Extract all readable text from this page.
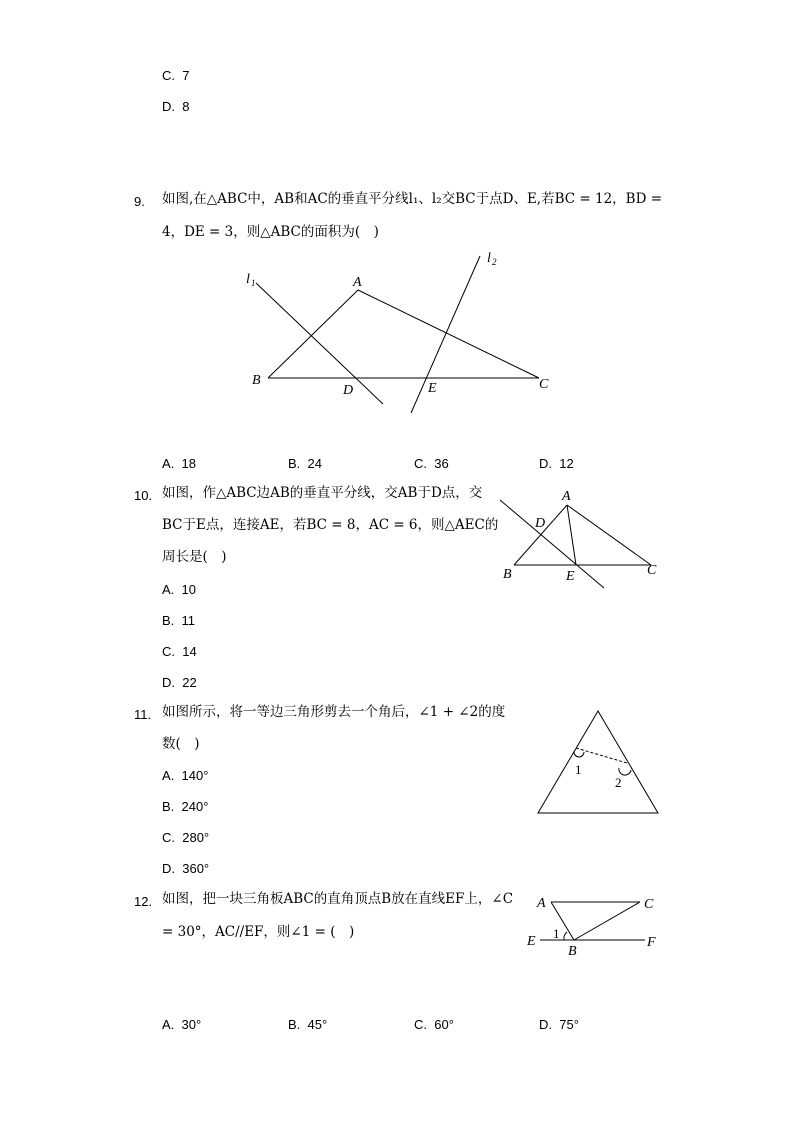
C. 7
D. 8
9. 如图,在△ABC中，AB和AC的垂直平分线l₁、l₂交BC于点D、E,若BC = 12，BD =
4，DE = 3，则△ABC的面积为(　)
A
B	C
D	E
l 1
l 2
A. 18	B. 24	C. 36	D. 12
10. 如图，作△ABC边AB的垂直平分线，交AB于D点，交
BC于E点，连接AE，若BC = 8，AC = 6，则△AEC的
周长是(　)
A
B	C
D
E
A. 10
B. 11
C. 14
D. 22
11. 如图所示，将一等边三角形剪去一个角后，∠1 + ∠2的度
数(　)
1
2
A. 140°
B. 240°
C. 280°
D. 360°
12. 如图，把一块三角板ABC的直角顶点B放在直线EF上，∠C
= 30°，AC//EF，则∠1 = (　)
A
B
C
E	F
1
A. 30°	B. 45°	C. 60°	D. 75°
